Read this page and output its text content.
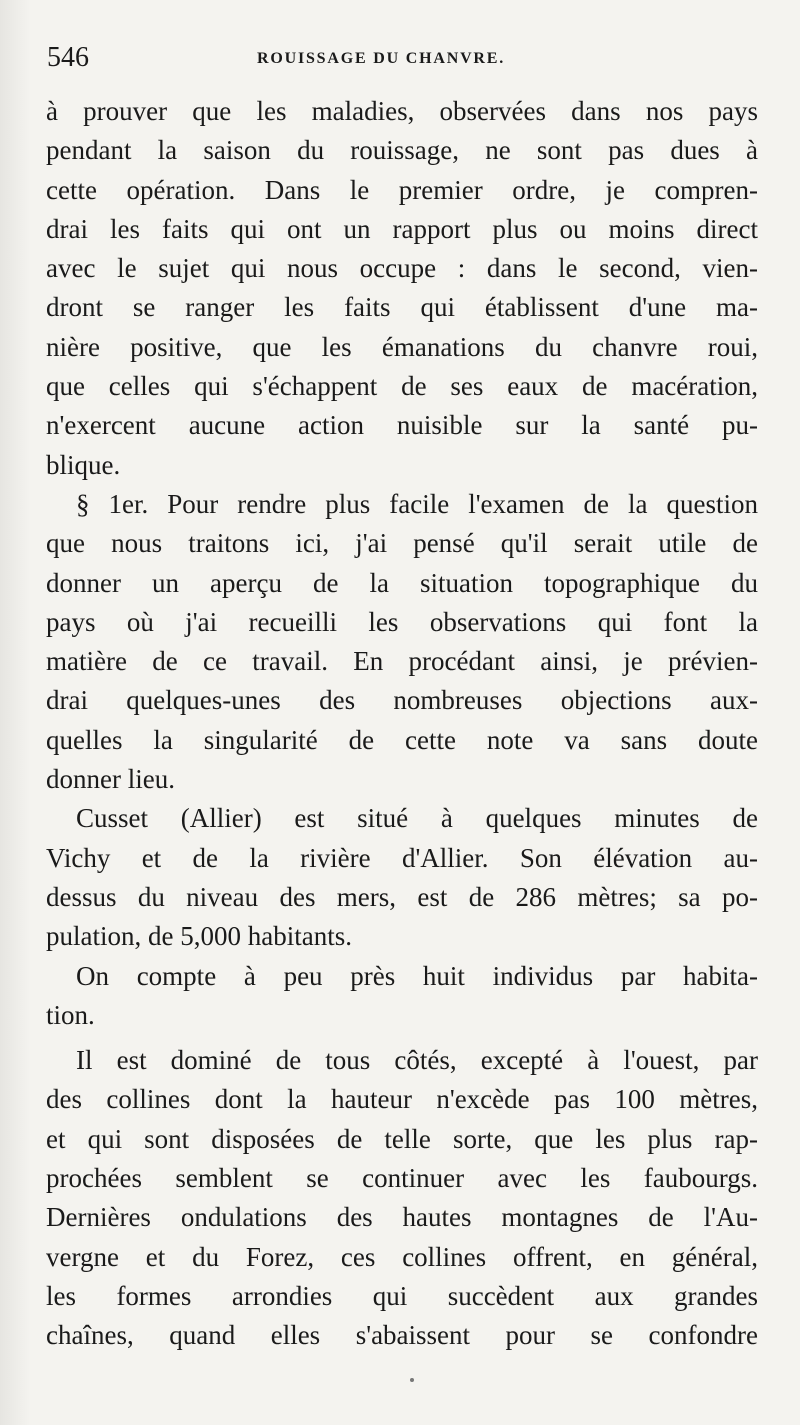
546	ROUISSAGE DU CHANVRE.
à prouver que les maladies, observées dans nos pays
pendant la saison du rouissage, ne sont pas dues à
cette opération. Dans le premier ordre, je compren-
drai les faits qui ont un rapport plus ou moins direct
avec le sujet qui nous occupe : dans le second, vien-
dront se ranger les faits qui établissent d'une ma-
nière positive, que les émanations du chanvre roui,
que celles qui s'échappent de ses eaux de macération,
n'exercent aucune action nuisible sur la santé pu-
blique.
§ 1er. Pour rendre plus facile l'examen de la question
que nous traitons ici, j'ai pensé qu'il serait utile de
donner un aperçu de la situation topographique du
pays où j'ai recueilli les observations qui font la
matière de ce travail. En procédant ainsi, je prévien-
drai quelques-unes des nombreuses objections aux-
quelles la singularité de cette note va sans doute
donner lieu.
Cusset (Allier) est situé à quelques minutes de
Vichy et de la rivière d'Allier. Son élévation au-
dessus du niveau des mers, est de 286 mètres; sa po-
pulation, de 5,000 habitants.
On compte à peu près huit individus par habita-
tion.
Il est dominé de tous côtés, excepté à l'ouest, par
des collines dont la hauteur n'excède pas 100 mètres,
et qui sont disposées de telle sorte, que les plus rap-
prochées semblent se continuer avec les faubourgs.
Dernières ondulations des hautes montagnes de l'Au-
vergne et du Forez, ces collines offrent, en général,
les formes arrondies qui succèdent aux grandes
chaînes, quand elles s'abaissent pour se confondre
